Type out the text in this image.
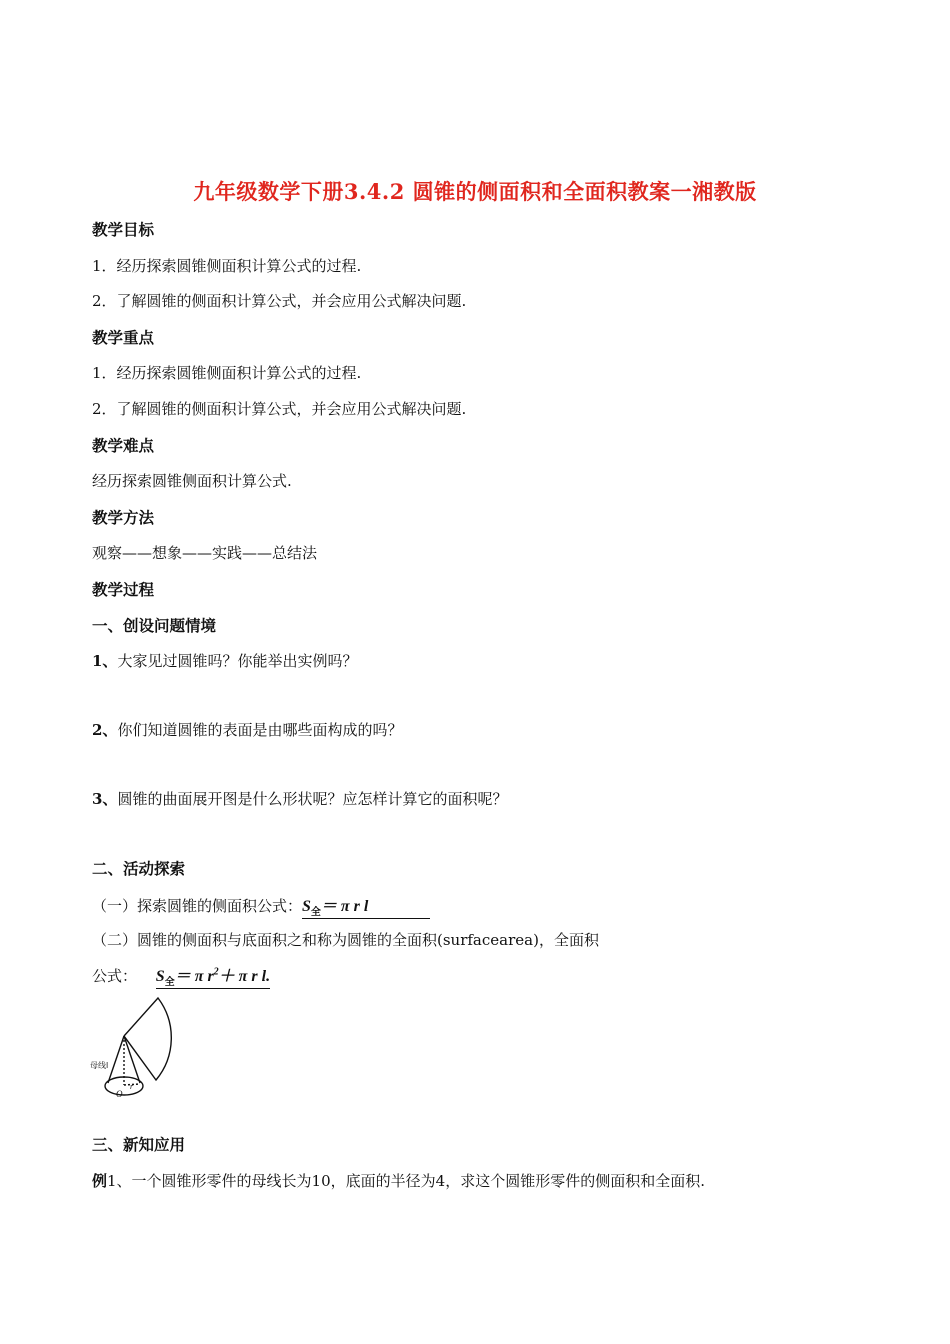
九年级数学下册3.4.2 圆锥的侧面积和全面积教案一湘教版
教学目标
1．经历探索圆锥侧面积计算公式的过程.
2．了解圆锥的侧面积计算公式，并会应用公式解决问题.
教学重点
1．经历探索圆锥侧面积计算公式的过程.
2．了解圆锥的侧面积计算公式，并会应用公式解决问题.
教学难点
经历探索圆锥侧面积计算公式.
教学方法
观察——想象——实践——总结法
教学过程
一、创设问题情境
1、大家见过圆锥吗？你能举出实例吗？
2、你们知道圆锥的表面是由哪些面构成的吗？
3、圆锥的曲面展开图是什么形状呢？应怎样计算它的面积呢？
二、活动探索
（一）探索圆锥的侧面积公式：$S_全= \pi$ r l
（二）圆锥的侧面积与底面积之和称为圆锥的全面积(surfacearea)，全面积
公式： $S_全= \pi$ $r^2+ \pi$ r l.
母线l
O
r
三、新知应用
例1、一个圆锥形零件的母线长为10，底面的半径为4，求这个圆锥形零件的侧面积和全面积.
